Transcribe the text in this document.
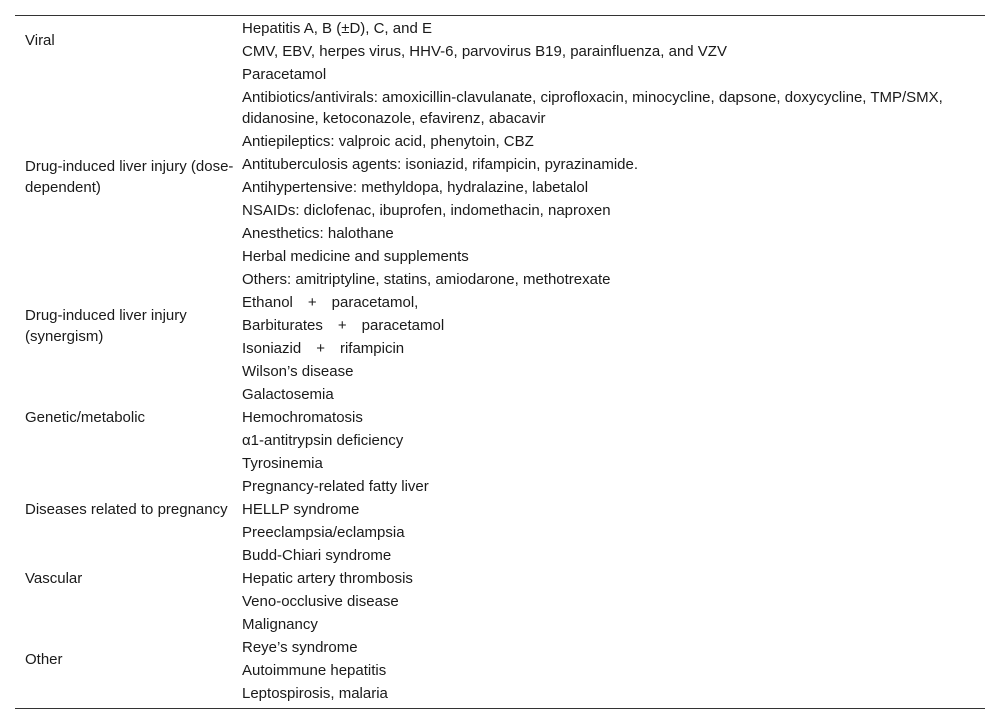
Viral
Hepatitis A, B (±D), C, and E
CMV, EBV, herpes virus, HHV-6, parvovirus B19, parainfluenza, and VZV
Drug-induced liver injury (dose-dependent)
Paracetamol
Antibiotics/antivirals: amoxicillin-clavulanate, ciprofloxacin, minocycline, dapsone, doxycycline, TMP/SMX, didanosine, ketoconazole, efavirenz, abacavir
Antiepileptics: valproic acid, phenytoin, CBZ
Antituberculosis agents: isoniazid, rifampicin, pyrazinamide.
Antihypertensive: methyldopa, hydralazine, labetalol
NSAIDs: diclofenac, ibuprofen, indomethacin, naproxen
Anesthetics: halothane
Herbal medicine and supplements
Others: amitriptyline, statins, amiodarone, methotrexate
Drug-induced liver injury (synergism)
Ethanol + paracetamol,
Barbiturates + paracetamol
Isoniazid + rifampicin
Genetic/metabolic
Wilson’s disease
Galactosemia
Hemochromatosis
α1-antitrypsin deficiency
Tyrosinemia
Diseases related to pregnancy
Pregnancy-related fatty liver
HELLP syndrome
Preeclampsia/eclampsia
Vascular
Budd-Chiari syndrome
Hepatic artery thrombosis
Veno-occlusive disease
Other
Malignancy
Reye’s syndrome
Autoimmune hepatitis
Leptospirosis, malaria
